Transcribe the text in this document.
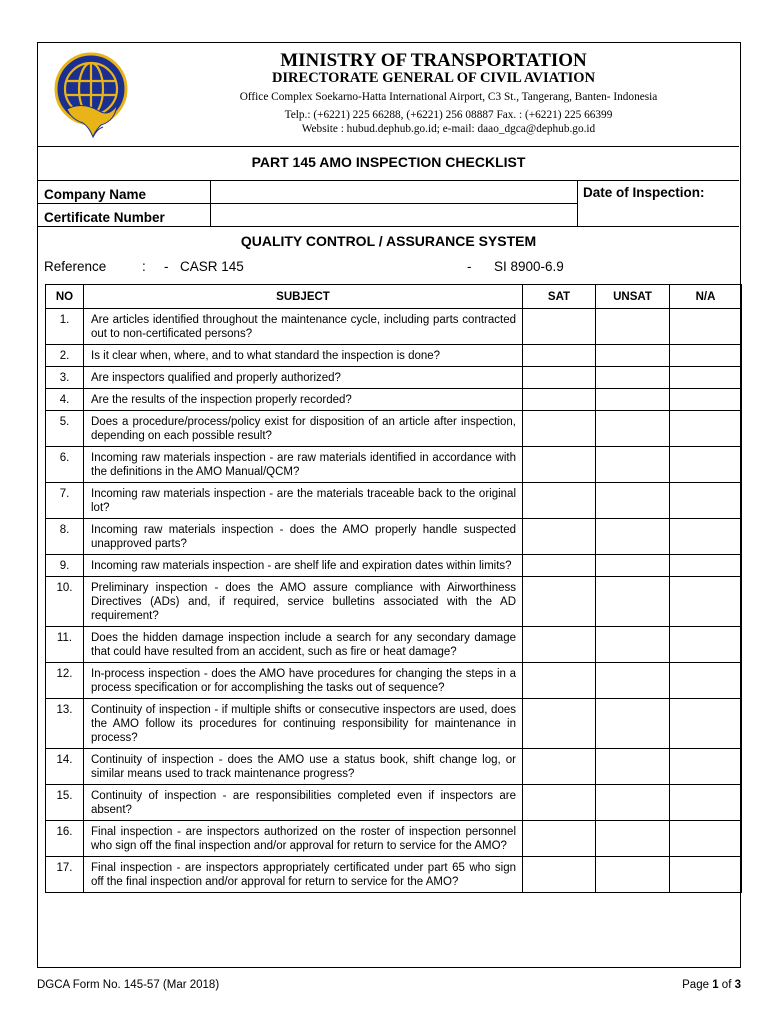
MINISTRY OF TRANSPORTATION
DIRECTORATE GENERAL OF CIVIL AVIATION
Office Complex Soekarno-Hatta International Airport, C3 St., Tangerang, Banten- Indonesia
Telp.: (+6221) 225 66288, (+6221) 256 08887 Fax. : (+6221) 225 66399
Website : hubud.dephub.go.id; e-mail: daao_dgca@dephub.go.id
PART 145 AMO INSPECTION CHECKLIST
Company Name
Certificate Number
Date of Inspection:
QUALITY CONTROL / ASSURANCE SYSTEM
Reference	: - CASR 145	- SI 8900-6.9
NO	SUBJECT	SAT	UNSAT	N/A
1.	Are articles identified throughout the maintenance cycle, including parts contracted out to non-certificated persons?			
2.	Is it clear when, where, and to what standard the inspection is done?			
3.	Are inspectors qualified and properly authorized?			
4.	Are the results of the inspection properly recorded?			
5.	Does a procedure/process/policy exist for disposition of an article after inspection, depending on each possible result?			
6.	Incoming raw materials inspection - are raw materials identified in accordance with the definitions in the AMO Manual/QCM?			
7.	Incoming raw materials inspection - are the materials traceable back to the original lot?			
8.	Incoming raw materials inspection - does the AMO properly handle suspected unapproved parts?			
9.	Incoming raw materials inspection - are shelf life and expiration dates within limits?			
10.	Preliminary inspection - does the AMO assure compliance with Airworthiness Directives (ADs) and, if required, service bulletins associated with the AD requirement?			
11.	Does the hidden damage inspection include a search for any secondary damage that could have resulted from an accident, such as fire or heat damage?			
12.	In-process inspection - does the AMO have procedures for changing the steps in a process specification or for accomplishing the tasks out of sequence?			
13.	Continuity of inspection - if multiple shifts or consecutive inspectors are used, does the AMO follow its procedures for continuing responsibility for maintenance in process?			
14.	Continuity of inspection - does the AMO use a status book, shift change log, or similar means used to track maintenance progress?			
15.	Continuity of inspection - are responsibilities completed even if inspectors are absent?			
16.	Final inspection - are inspectors authorized on the roster of inspection personnel who sign off the final inspection and/or approval for return to service for the AMO?			
17.	Final inspection - are inspectors appropriately certificated under part 65 who sign off the final inspection and/or approval for return to service for the AMO?			
DGCA Form No. 145-57 (Mar 2018)	Page 1 of 3
